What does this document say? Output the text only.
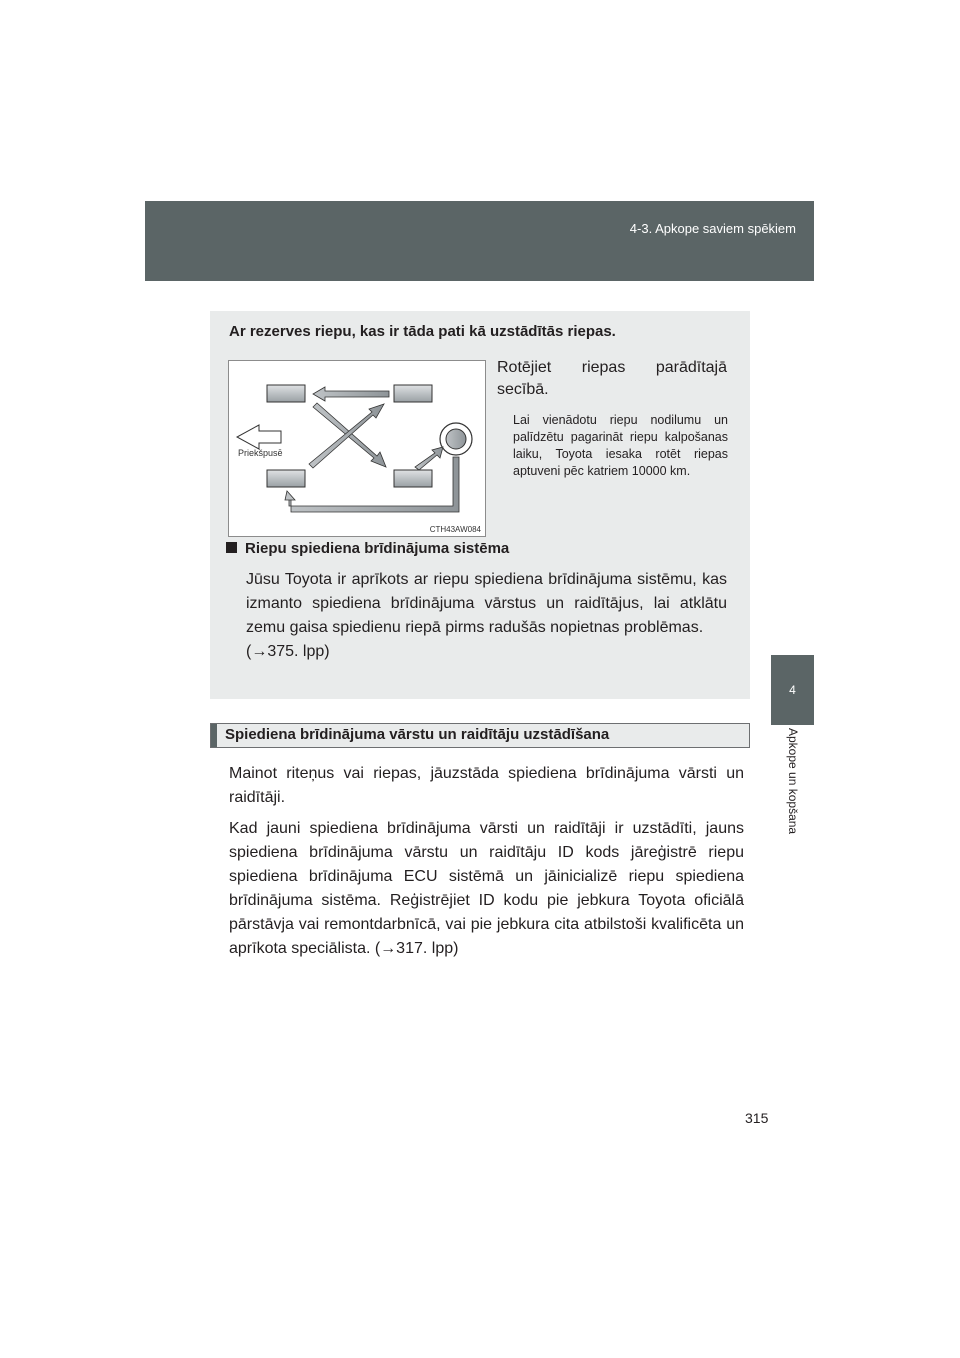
4-3. Apkope saviem spēkiem
4
Apkope un kopšana

Ar rezerves riepu, kas ir tāda pati kā uzstādītās riepas.

Priekšpusē
CTH43AW084

Rotējiet riepas parādītajā secībā.

Lai vienādotu riepu nodilumu un palīdzētu pagarināt riepu kalpošanas laiku, Toyota iesaka rotēt riepas aptuveni pēc katriem 10000 km.

Riepu spiediena brīdinājuma sistēma

Jūsu Toyota ir aprīkots ar riepu spiediena brīdinājuma sistēmu, kas izmanto spiediena brīdinājuma vārstus un raidītājus, lai atklātu zemu gaisa spiedienu riepā pirms radušās nopietnas problēmas.
(→375. lpp)

Spiediena brīdinājuma vārstu un raidītāju uzstādīšana

Mainot riteņus vai riepas, jāuzstāda spiediena brīdinājuma vārsti un raidītāji.

Kad jauni spiediena brīdinājuma vārsti un raidītāji ir uzstādīti, jauns spiediena brīdinājuma vārstu un raidītāju ID kods jāreģistrē riepu spiediena brīdinājuma ECU sistēmā un jāinicializē riepu spiediena brīdinājuma sistēma. Reģistrējiet ID kodu pie jebkura Toyota oficiālā pārstāvja vai remontdarbnīcā, vai pie jebkura cita atbilstoši kvalificēta un aprīkota speciālista. (→317. lpp)

315
